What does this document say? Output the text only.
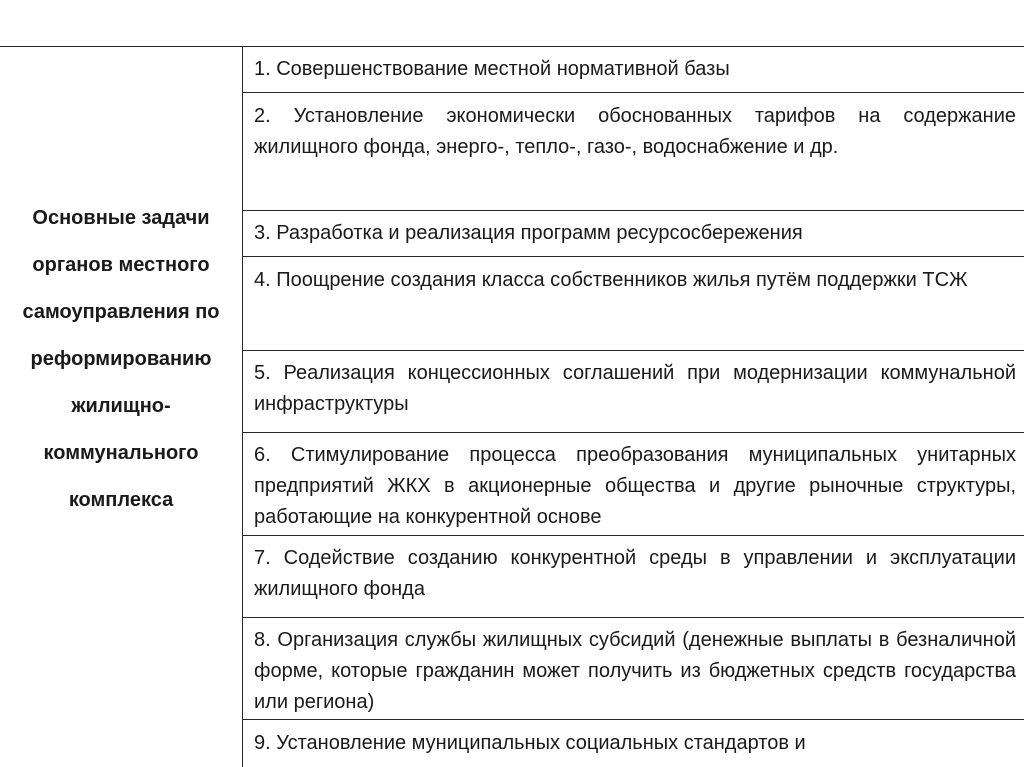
Основные задачи
органов местного
самоуправления по
реформированию
жилищно-
коммунального
комплекса
1. Совершенствование местной нормативной базы
2. Установление экономически обоснованных тарифов на содержание жилищного фонда, энерго-, тепло-, газо-, водоснабжение и др.
3. Разработка и реализация программ ресурсосбережения
4. Поощрение создания класса собственников жилья путём поддержки ТСЖ
5. Реализация концессионных соглашений при модернизации коммунальной инфраструктуры
6. Стимулирование процесса преобразования муниципальных унитарных предприятий ЖКХ в акционерные общества и другие рыночные структуры, работающие на конкурентной основе
7. Содействие созданию конкурентной среды в управлении и эксплуатации жилищного фонда
8. Организация службы жилищных субсидий (денежные выплаты в безналичной форме, которые гражданин может получить из бюджетных средств государства или региона)
9. Установление муниципальных социальных стандартов и
